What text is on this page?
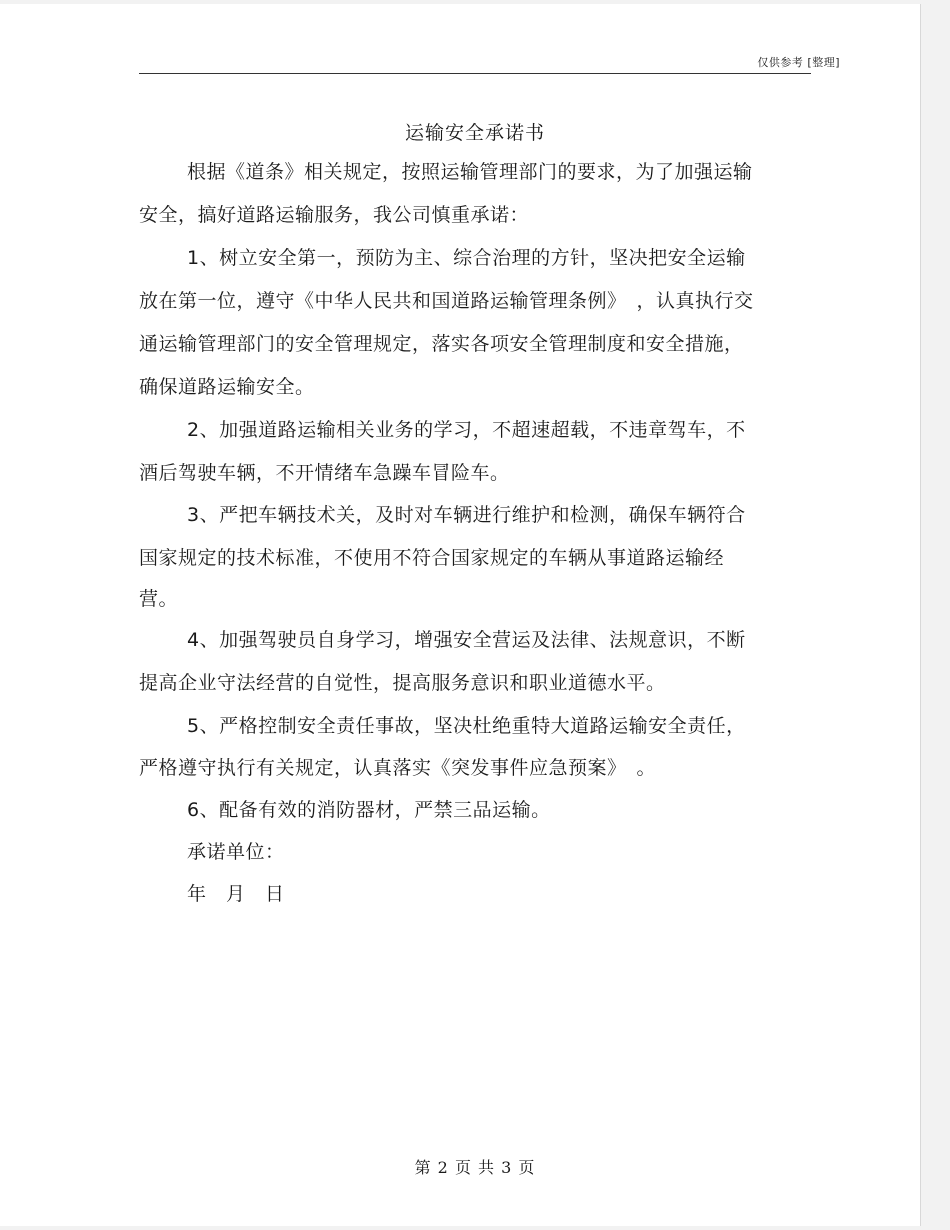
仅供参考 [整理]
运输安全承诺书
根据《道条》相关规定，按照运输管理部门的要求，为了加强运输
安全，搞好道路运输服务，我公司慎重承诺：
1、树立安全第一，预防为主、综合治理的方针，坚决把安全运输
放在第一位，遵守《中华人民共和国道路运输管理条例》　，认真执行交
通运输管理部门的安全管理规定，落实各项安全管理制度和安全措施，
确保道路运输安全。
2、加强道路运输相关业务的学习，不超速超载，不违章驾车，不
酒后驾驶车辆，不开情绪车急躁车冒险车。
3、严把车辆技术关，及时对车辆进行维护和检测，确保车辆符合
国家规定的技术标准，不使用不符合国家规定的车辆从事道路运输经
营。
4、加强驾驶员自身学习，增强安全营运及法律、法规意识，不断
提高企业守法经营的自觉性，提高服务意识和职业道德水平。
5、严格控制安全责任事故，坚决杜绝重特大道路运输安全责任，
严格遵守执行有关规定，认真落实《突发事件应急预案》　。
6、配备有效的消防器材，严禁三品运输。
承诺单位：
年　月　日
第 2 页 共 3 页
